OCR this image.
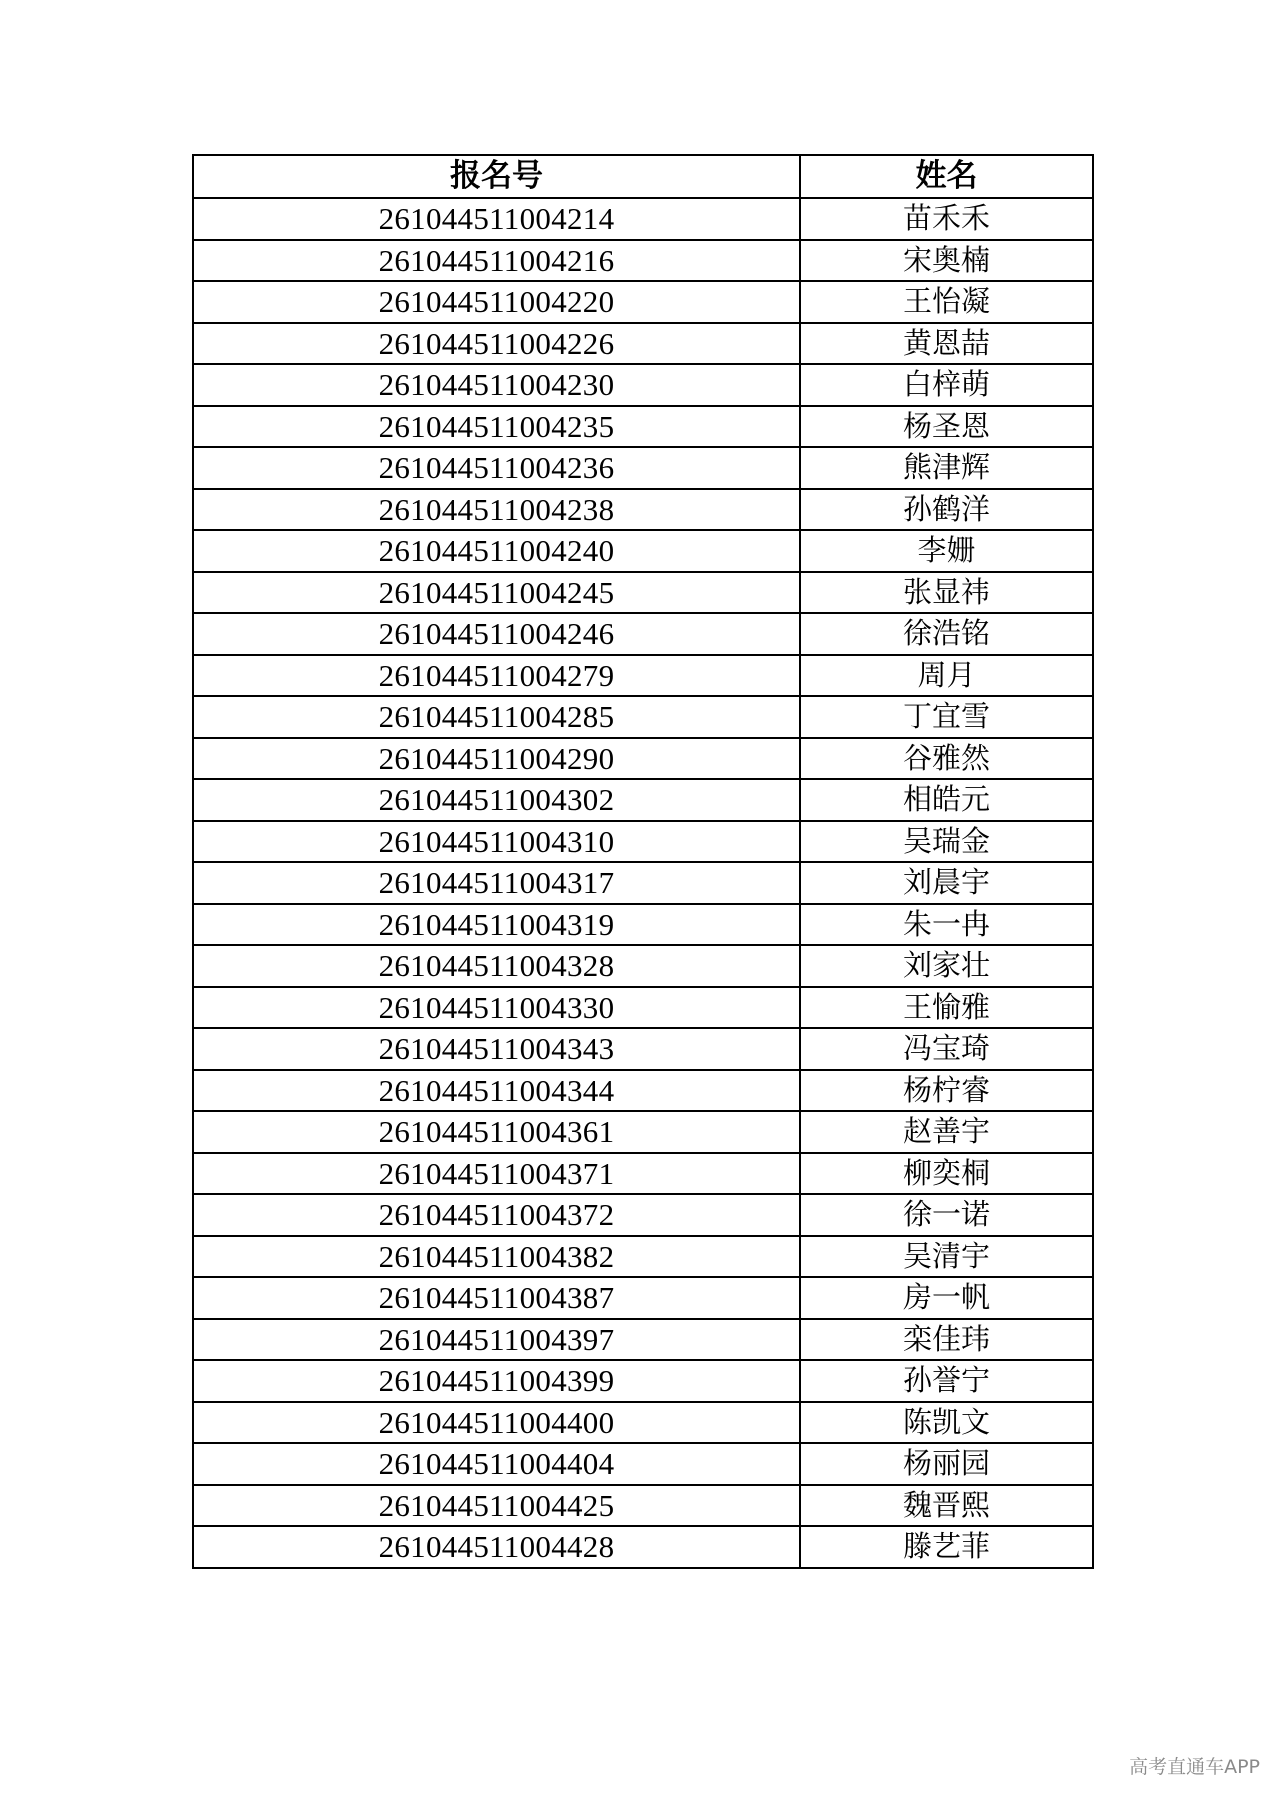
报名号	姓名
261044511004214	苗禾禾
261044511004216	宋奥楠
261044511004220	王怡凝
261044511004226	黄恩喆
261044511004230	白梓萌
261044511004235	杨圣恩
261044511004236	熊津辉
261044511004238	孙鹤洋
261044511004240	李姗
261044511004245	张显祎
261044511004246	徐浩铭
261044511004279	周月
261044511004285	丁宜雪
261044511004290	谷雅然
261044511004302	相皓元
261044511004310	吴瑞金
261044511004317	刘晨宇
261044511004319	朱一冉
261044511004328	刘家壮
261044511004330	王愉雅
261044511004343	冯宝琦
261044511004344	杨柠睿
261044511004361	赵善宇
261044511004371	柳奕桐
261044511004372	徐一诺
261044511004382	吴清宇
261044511004387	房一帆
261044511004397	栾佳玮
261044511004399	孙誉宁
261044511004400	陈凯文
261044511004404	杨丽园
261044511004425	魏晋熙
261044511004428	滕艺菲
高考直通车APP
